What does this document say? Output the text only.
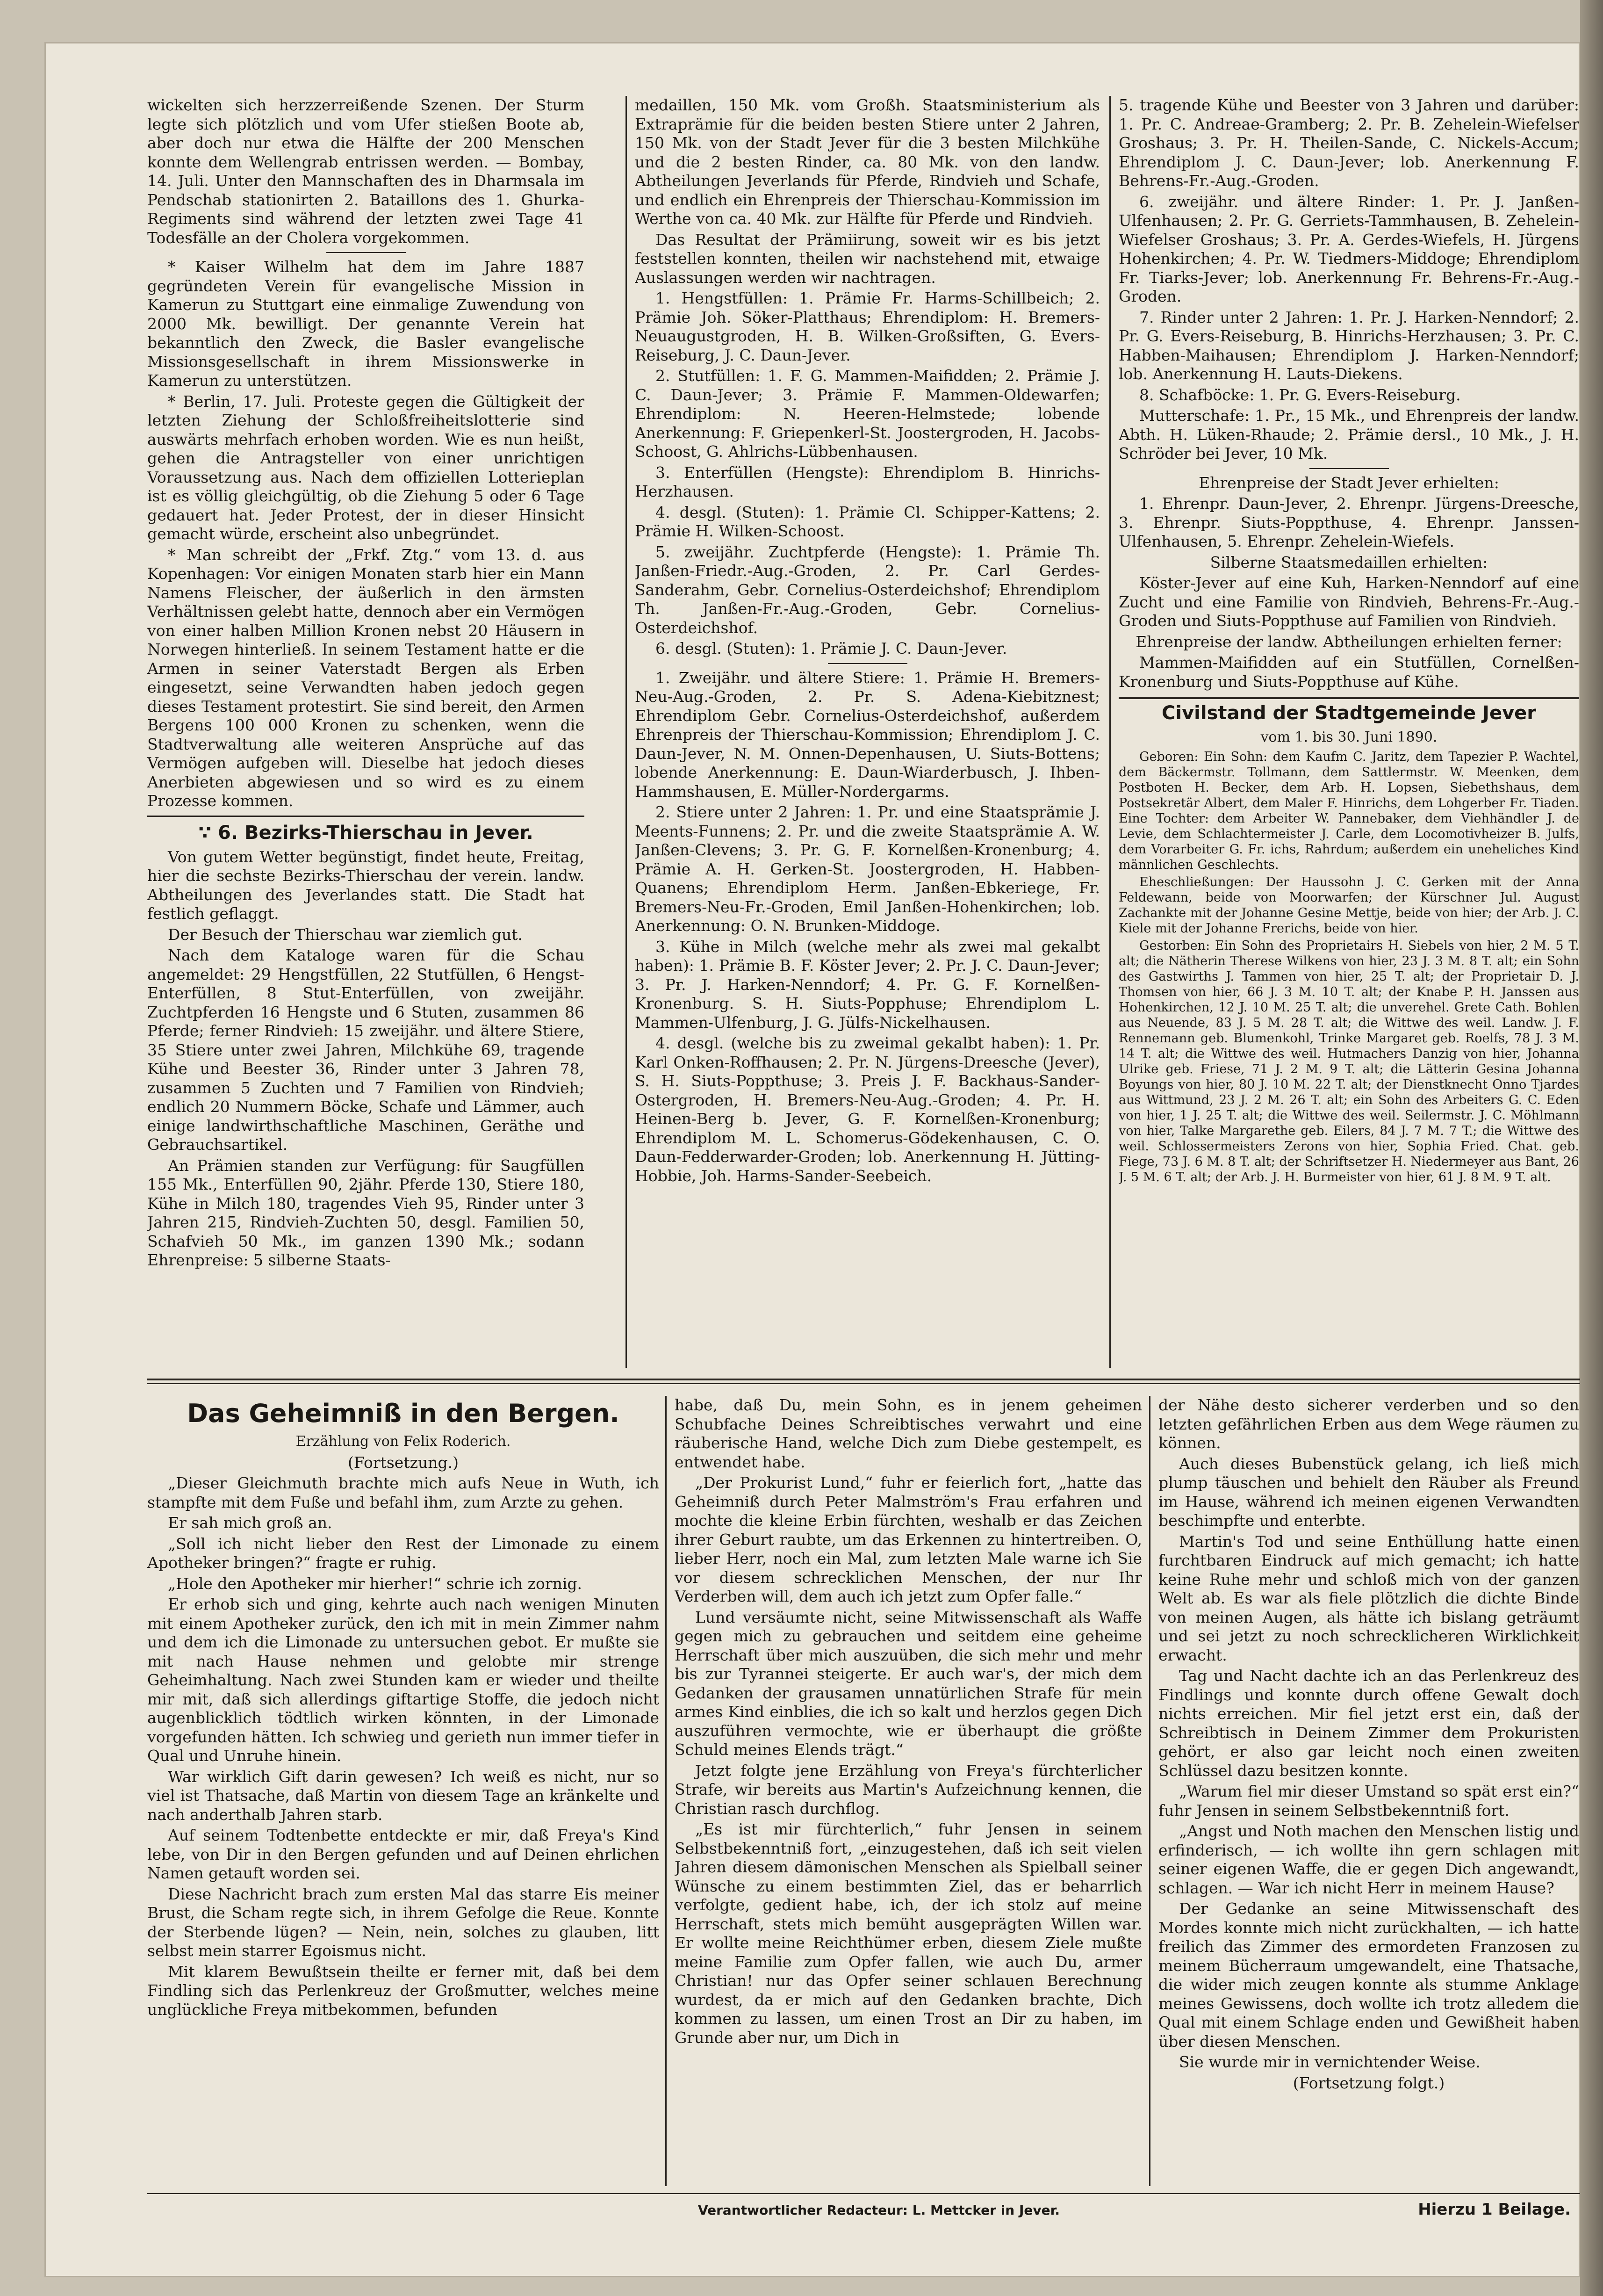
wickelten sich herzzerreißende Szenen. Der Sturm legte sich plötzlich und vom Ufer stießen Boote ab, aber doch nur etwa die Hälfte der 200 Menschen konnte dem Wellengrab entrissen werden. — Bombay, 14. Juli. Unter den Mannschaften des in Dharmsala im Pendschab stationirten 2. Bataillons des 1. Ghurka-Regiments sind während der letzten zwei Tage 41 Todesfälle an der Cholera vorgekommen.

* Kaiser Wilhelm hat dem im Jahre 1887 gegründeten Verein für evangelische Mission in Kamerun zu Stuttgart eine einmalige Zuwendung von 2000 Mk. bewilligt. Der genannte Verein hat bekanntlich den Zweck, die Basler evangelische Missionsgesellschaft in ihrem Missionswerke in Kamerun zu unterstützen.

* Berlin, 17. Juli. Proteste gegen die Gültigkeit der letzten Ziehung der Schloßfreiheitslotterie sind auswärts mehrfach erhoben worden. Wie es nun heißt, gehen die Antragsteller von einer unrichtigen Voraussetzung aus. Nach dem offiziellen Lotterieplan ist es völlig gleichgültig, ob die Ziehung 5 oder 6 Tage gedauert hat. Jeder Protest, der in dieser Hinsicht gemacht würde, erscheint also unbegründet.

* Man schreibt der „Frkf. Ztg.“ vom 13. d. aus Kopenhagen: Vor einigen Monaten starb hier ein Mann Namens Fleischer, der äußerlich in den ärmsten Verhältnissen gelebt hatte, dennoch aber ein Vermögen von einer halben Million Kronen nebst 20 Häusern in Norwegen hinterließ. In seinem Testament hatte er die Armen in seiner Vaterstadt Bergen als Erben eingesetzt, seine Verwandten haben jedoch gegen dieses Testament protestirt. Sie sind bereit, den Armen Bergens 100 000 Kronen zu schenken, wenn die Stadtverwaltung alle weiteren Ansprüche auf das Vermögen aufgeben will. Dieselbe hat jedoch dieses Anerbieten abgewiesen und so wird es zu einem Prozesse kommen.

∵ 6. Bezirks-Thierschau in Jever.

Von gutem Wetter begünstigt, findet heute, Freitag, hier die sechste Bezirks-Thierschau der verein. landw. Abtheilungen des Jeverlandes statt. Die Stadt hat festlich geflaggt.

Der Besuch der Thierschau war ziemlich gut.

Nach dem Kataloge waren für die Schau angemeldet: 29 Hengstfüllen, 22 Stutfüllen, 6 Hengst-Enterfüllen, 8 Stut-Enterfüllen, von zweijähr. Zuchtpferden 16 Hengste und 6 Stuten, zusammen 86 Pferde; ferner Rindvieh: 15 zweijähr. und ältere Stiere, 35 Stiere unter zwei Jahren, Milchkühe 69, tragende Kühe und Beester 36, Rinder unter 3 Jahren 78, zusammen 5 Zuchten und 7 Familien von Rindvieh; endlich 20 Nummern Böcke, Schafe und Lämmer, auch einige landwirthschaftliche Maschinen, Geräthe und Gebrauchsartikel.

An Prämien standen zur Verfügung: für Saugfüllen 155 Mk., Enterfüllen 90, 2jähr. Pferde 130, Stiere 180, Kühe in Milch 180, tragendes Vieh 95, Rinder unter 3 Jahren 215, Rindvieh-Zuchten 50, desgl. Familien 50, Schafvieh 50 Mk., im ganzen 1390 Mk.; sodann Ehrenpreise: 5 silberne Staats-

medaillen, 150 Mk. vom Großh. Staatsministerium als Extraprämie für die beiden besten Stiere unter 2 Jahren, 150 Mk. von der Stadt Jever für die 3 besten Milchkühe und die 2 besten Rinder, ca. 80 Mk. von den landw. Abtheilungen Jeverlands für Pferde, Rindvieh und Schafe, und endlich ein Ehrenpreis der Thierschau-Kommission im Werthe von ca. 40 Mk. zur Hälfte für Pferde und Rindvieh.

Das Resultat der Prämiirung, soweit wir es bis jetzt feststellen konnten, theilen wir nachstehend mit, etwaige Auslassungen werden wir nachtragen.

1. Hengstfüllen: 1. Prämie Fr. Harms-Schillbeich; 2. Prämie Joh. Söker-Platthaus; Ehrendiplom: H. Bremers-Neuaugustgroden, H. B. Wilken-Großsiften, G. Evers-Reiseburg, J. C. Daun-Jever.

2. Stutfüllen: 1. F. G. Mammen-Maifidden; 2. Prämie J. C. Daun-Jever; 3. Prämie F. Mammen-Oldewarfen; Ehrendiplom: N. Heeren-Helmstede; lobende Anerkennung: F. Griepenkerl-St. Joostergroden, H. Jacobs-Schoost, G. Ahlrichs-Lübbenhausen.

3. Enterfüllen (Hengste): Ehrendiplom B. Hinrichs-Herzhausen.

4. desgl. (Stuten): 1. Prämie Cl. Schipper-Kattens; 2. Prämie H. Wilken-Schoost.

5. zweijähr. Zuchtpferde (Hengste): 1. Prämie Th. Janßen-Friedr.-Aug.-Groden, 2. Pr. Carl Gerdes-Sanderahm, Gebr. Cornelius-Osterdeichshof; Ehrendiplom Th. Janßen-Fr.-Aug.-Groden, Gebr. Cornelius-Osterdeichshof.

6. desgl. (Stuten): 1. Prämie J. C. Daun-Jever.

1. Zweijähr. und ältere Stiere: 1. Prämie H. Bremers-Neu-Aug.-Groden, 2. Pr. S. Adena-Kiebitznest; Ehrendiplom Gebr. Cornelius-Osterdeichshof, außerdem Ehrenpreis der Thierschau-Kommission; Ehrendiplom J. C. Daun-Jever, N. M. Onnen-Depenhausen, U. Siuts-Bottens; lobende Anerkennung: E. Daun-Wiarderbusch, J. Ihben-Hammshausen, E. Müller-Nordergarms.

2. Stiere unter 2 Jahren: 1. Pr. und eine Staatsprämie J. Meents-Funnens; 2. Pr. und die zweite Staatsprämie A. W. Janßen-Clevens; 3. Pr. G. F. Kornelßen-Kronenburg; 4. Prämie A. H. Gerken-St. Joostergroden, H. Habben-Quanens; Ehrendiplom Herm. Janßen-Ebkeriege, Fr. Bremers-Neu-Fr.-Groden, Emil Janßen-Hohenkirchen; lob. Anerkennung: O. N. Brunken-Middoge.

3. Kühe in Milch (welche mehr als zwei mal gekalbt haben): 1. Prämie B. F. Köster Jever; 2. Pr. J. C. Daun-Jever; 3. Pr. J. Harken-Nenndorf; 4. Pr. G. F. Kornelßen-Kronenburg. S. H. Siuts-Popphuse; Ehrendiplom L. Mammen-Ulfenburg, J. G. Jülfs-Nickelhausen.

4. desgl. (welche bis zu zweimal gekalbt haben): 1. Pr. Karl Onken-Roffhausen; 2. Pr. N. Jürgens-Dreesche (Jever), S. H. Siuts-Poppthuse; 3. Preis J. F. Backhaus-Sander-Ostergroden, H. Bremers-Neu-Aug.-Groden; 4. Pr. H. Heinen-Berg b. Jever, G. F. Kornelßen-Kronenburg; Ehrendiplom M. L. Schomerus-Gödekenhausen, C. O. Daun-Fedderwarder-Groden; lob. Anerkennung H. Jütting-Hobbie, Joh. Harms-Sander-Seebeich.

5. tragende Kühe und Beester von 3 Jahren und darüber: 1. Pr. C. Andreae-Gramberg; 2. Pr. B. Zehelein-Wiefelser Groshaus; 3. Pr. H. Theilen-Sande, C. Nickels-Accum; Ehrendiplom J. C. Daun-Jever; lob. Anerkennung F. Behrens-Fr.-Aug.-Groden.

6. zweijähr. und ältere Rinder: 1. Pr. J. Janßen-Ulfenhausen; 2. Pr. G. Gerriets-Tammhausen, B. Zehelein-Wiefelser Groshaus; 3. Pr. A. Gerdes-Wiefels, H. Jürgens Hohenkirchen; 4. Pr. W. Tiedmers-Middoge; Ehrendiplom Fr. Tiarks-Jever; lob. Anerkennung Fr. Behrens-Fr.-Aug.-Groden.

7. Rinder unter 2 Jahren: 1. Pr. J. Harken-Nenndorf; 2. Pr. G. Evers-Reiseburg, B. Hinrichs-Herzhausen; 3. Pr. C. Habben-Maihausen; Ehrendiplom J. Harken-Nenndorf; lob. Anerkennung H. Lauts-Diekens.

8. Schafböcke: 1. Pr. G. Evers-Reiseburg.

Mutterschafe: 1. Pr., 15 Mk., und Ehrenpreis der landw. Abth. H. Lüken-Rhaude; 2. Prämie dersl., 10 Mk., J. H. Schröder bei Jever, 10 Mk.

Ehrenpreise der Stadt Jever erhielten:

1. Ehrenpr. Daun-Jever, 2. Ehrenpr. Jürgens-Dreesche, 3. Ehrenpr. Siuts-Poppthuse, 4. Ehrenpr. Janssen-Ulfenhausen, 5. Ehrenpr. Zehelein-Wiefels.

Silberne Staatsmedaillen erhielten:

Köster-Jever auf eine Kuh, Harken-Nenndorf auf eine Zucht und eine Familie von Rindvieh, Behrens-Fr.-Aug.-Groden und Siuts-Poppthuse auf Familien von Rindvieh.

Ehrenpreise der landw. Abtheilungen erhielten ferner:

Mammen-Maifidden auf ein Stutfüllen, Cornelßen-Kronenburg und Siuts-Poppthuse auf Kühe.

Civilstand der Stadtgemeinde Jever

vom 1. bis 30. Juni 1890.

Geboren: Ein Sohn: dem Kaufm C. Jaritz, dem Tapezier P. Wachtel, dem Bäckermstr. Tollmann, dem Sattlermstr. W. Meenken, dem Postboten H. Becker, dem Arb. H. Lopsen, Siebethshaus, dem Postsekretär Albert, dem Maler F. Hinrichs, dem Lohgerber Fr. Tiaden. Eine Tochter: dem Arbeiter W. Pannebaker, dem Viehhändler J. de Levie, dem Schlachtermeister J. Carle, dem Locomotivheizer B. Julfs, dem Vorarbeiter G. Fr. ichs, Rahrdum; außerdem ein uneheliches Kind männlichen Geschlechts.

Eheschließungen: Der Haussohn J. C. Gerken mit der Anna Feldewann, beide von Moorwarfen; der Kürschner Jul. August Zachankte mit der Johanne Gesine Mettje, beide von hier; der Arb. J. C. Kiele mit der Johanne Frerichs, beide von hier.

Gestorben: Ein Sohn des Proprietairs H. Siebels von hier, 2 M. 5 T. alt; die Nätherin Therese Wilkens von hier, 23 J. 3 M. 8 T. alt; ein Sohn des Gastwirths J. Tammen von hier, 25 T. alt; der Proprietair D. J. Thomsen von hier, 66 J. 3 M. 10 T. alt; der Knabe P. H. Janssen aus Hohenkirchen, 12 J. 10 M. 25 T. alt; die unverehel. Grete Cath. Bohlen aus Neuende, 83 J. 5 M. 28 T. alt; die Wittwe des weil. Landw. J. F. Rennemann geb. Blumenkohl, Trinke Margaret geb. Roelfs, 78 J. 3 M. 14 T. alt; die Wittwe des weil. Hutmachers Danzig von hier, Johanna Ulrike geb. Friese, 71 J. 2 M. 9 T. alt; die Lätterin Gesina Johanna Boyungs von hier, 80 J. 10 M. 22 T. alt; der Dienstknecht Onno Tjardes aus Wittmund, 23 J. 2 M. 26 T. alt; ein Sohn des Arbeiters G. C. Eden von hier, 1 J. 25 T. alt; die Wittwe des weil. Seilermstr. J. C. Möhlmann von hier, Talke Margarethe geb. Eilers, 84 J. 7 M. 7 T.; die Wittwe des weil. Schlossermeisters Zerons von hier, Sophia Fried. Chat. geb. Fiege, 73 J. 6 M. 8 T. alt; der Schriftsetzer H. Niedermeyer aus Bant, 26 J. 5 M. 6 T. alt; der Arb. J. H. Burmeister von hier, 61 J. 8 M. 9 T. alt.

Das Geheimniß in den Bergen.

Erzählung von Felix Roderich.

(Fortsetzung.)

„Dieser Gleichmuth brachte mich aufs Neue in Wuth, ich stampfte mit dem Fuße und befahl ihm, zum Arzte zu gehen.

Er sah mich groß an.

„Soll ich nicht lieber den Rest der Limonade zu einem Apotheker bringen?“ fragte er ruhig.

„Hole den Apotheker mir hierher!“ schrie ich zornig.

Er erhob sich und ging, kehrte auch nach wenigen Minuten mit einem Apotheker zurück, den ich mit in mein Zimmer nahm und dem ich die Limonade zu untersuchen gebot. Er mußte sie mit nach Hause nehmen und gelobte mir strenge Geheimhaltung. Nach zwei Stunden kam er wieder und theilte mir mit, daß sich allerdings giftartige Stoffe, die jedoch nicht augenblicklich tödtlich wirken könnten, in der Limonade vorgefunden hätten. Ich schwieg und gerieth nun immer tiefer in Qual und Unruhe hinein.

War wirklich Gift darin gewesen? Ich weiß es nicht, nur so viel ist Thatsache, daß Martin von diesem Tage an kränkelte und nach anderthalb Jahren starb.

Auf seinem Todtenbette entdeckte er mir, daß Freya's Kind lebe, von Dir in den Bergen gefunden und auf Deinen ehrlichen Namen getauft worden sei.

Diese Nachricht brach zum ersten Mal das starre Eis meiner Brust, die Scham regte sich, in ihrem Gefolge die Reue. Konnte der Sterbende lügen? — Nein, nein, solches zu glauben, litt selbst mein starrer Egoismus nicht.

Mit klarem Bewußtsein theilte er ferner mit, daß bei dem Findling sich das Perlenkreuz der Großmutter, welches meine unglückliche Freya mitbekommen, befunden

habe, daß Du, mein Sohn, es in jenem geheimen Schubfache Deines Schreibtisches verwahrt und eine räuberische Hand, welche Dich zum Diebe gestempelt, es entwendet habe.

„Der Prokurist Lund,“ fuhr er feierlich fort, „hatte das Geheimniß durch Peter Malmström's Frau erfahren und mochte die kleine Erbin fürchten, weshalb er das Zeichen ihrer Geburt raubte, um das Erkennen zu hintertreiben. O, lieber Herr, noch ein Mal, zum letzten Male warne ich Sie vor diesem schrecklichen Menschen, der nur Ihr Verderben will, dem auch ich jetzt zum Opfer falle.“

Lund versäumte nicht, seine Mitwissenschaft als Waffe gegen mich zu gebrauchen und seitdem eine geheime Herrschaft über mich auszuüben, die sich mehr und mehr bis zur Tyrannei steigerte. Er auch war's, der mich dem Gedanken der grausamen unnatürlichen Strafe für mein armes Kind einblies, die ich so kalt und herzlos gegen Dich auszuführen vermochte, wie er überhaupt die größte Schuld meines Elends trägt.“

Jetzt folgte jene Erzählung von Freya's fürchterlicher Strafe, wir bereits aus Martin's Aufzeichnung kennen, die Christian rasch durchflog.

„Es ist mir fürchterlich,“ fuhr Jensen in seinem Selbstbekenntniß fort, „einzugestehen, daß ich seit vielen Jahren diesem dämonischen Menschen als Spielball seiner Wünsche zu einem bestimmten Ziel, das er beharrlich verfolgte, gedient habe, ich, der ich stolz auf meine Herrschaft, stets mich bemüht ausgeprägten Willen war. Er wollte meine Reichthümer erben, diesem Ziele mußte meine Familie zum Opfer fallen, wie auch Du, armer Christian! nur das Opfer seiner schlauen Berechnung wurdest, da er mich auf den Gedanken brachte, Dich kommen zu lassen, um einen Trost an Dir zu haben, im Grunde aber nur, um Dich in

der Nähe desto sicherer verderben und so den letzten gefährlichen Erben aus dem Wege räumen zu können.

Auch dieses Bubenstück gelang, ich ließ mich plump täuschen und behielt den Räuber als Freund im Hause, während ich meinen eigenen Verwandten beschimpfte und enterbte.

Martin's Tod und seine Enthüllung hatte einen furchtbaren Eindruck auf mich gemacht; ich hatte keine Ruhe mehr und schloß mich von der ganzen Welt ab. Es war als fiele plötzlich die dichte Binde von meinen Augen, als hätte ich bislang geträumt und sei jetzt zu noch schrecklicheren Wirklichkeit erwacht.

Tag und Nacht dachte ich an das Perlenkreuz des Findlings und konnte durch offene Gewalt doch nichts erreichen. Mir fiel jetzt erst ein, daß der Schreibtisch in Deinem Zimmer dem Prokuristen gehört, er also gar leicht noch einen zweiten Schlüssel dazu besitzen konnte.

„Warum fiel mir dieser Umstand so spät erst ein?“ fuhr Jensen in seinem Selbstbekenntniß fort.

„Angst und Noth machen den Menschen listig und erfinderisch, — ich wollte ihn gern schlagen mit seiner eigenen Waffe, die er gegen Dich angewandt, schlagen. — War ich nicht Herr in meinem Hause?

Der Gedanke an seine Mitwissenschaft des Mordes konnte mich nicht zurückhalten, — ich hatte freilich das Zimmer des ermordeten Franzosen zu meinem Bücherraum umgewandelt, eine Thatsache, die wider mich zeugen konnte als stumme Anklage meines Gewissens, doch wollte ich trotz alledem die Qual mit einem Schlage enden und Gewißheit haben über diesen Menschen.

Sie wurde mir in vernichtender Weise.

(Fortsetzung folgt.)

Verantwortlicher Redacteur: L. Mettcker in Jever.	Hierzu 1 Beilage.
